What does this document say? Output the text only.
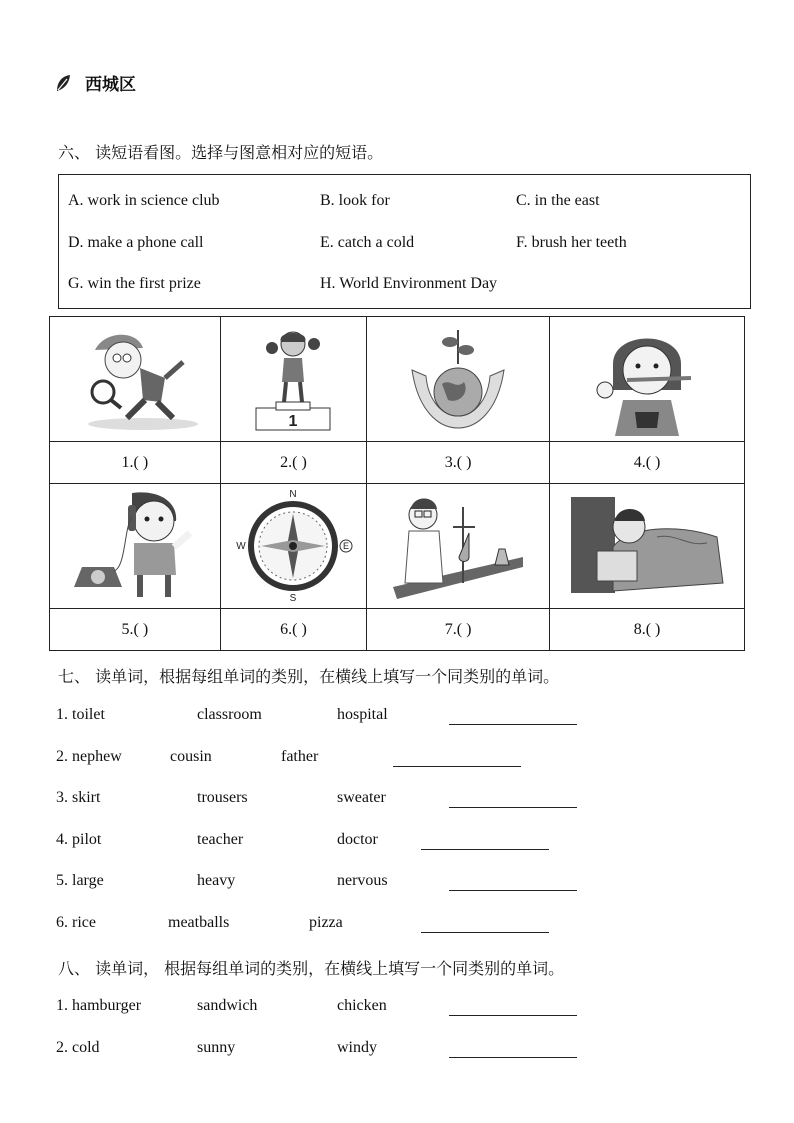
西城区
六、 读短语看图。选择与图意相对应的短语。
A. work in science club	B. look for	C. in the east
D. make a phone call	E. catch a cold	F. brush her teeth
G. win the first prize	H. World Environment Day

1

1.( )	2.( )	3.( )	4.( )

N
W E
S

5.( )	6.( )	7.( )	8.( )
七、 读单词，根据每组单词的类别，在横线上填写一个同类别的单词。
1. toilet	classroom	hospital
2. nephew	cousin	father
3. skirt	trousers	sweater
4. pilot	teacher	doctor
5. large	heavy	nervous
6. rice	meatballs	pizza
八、 读单词， 根据每组单词的类别，在横线上填写一个同类别的单词。
1. hamburger	sandwich	chicken
2. cold	sunny	windy
